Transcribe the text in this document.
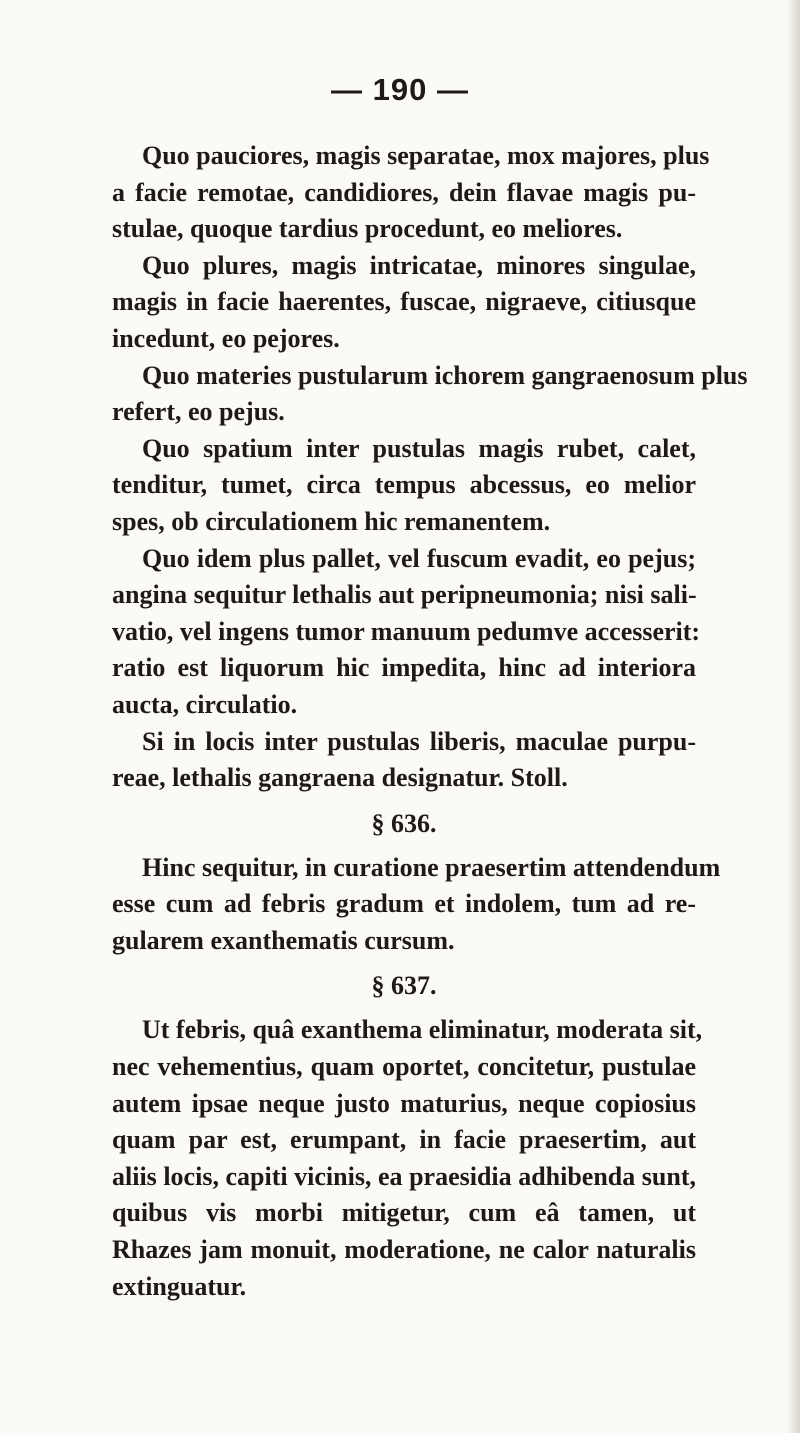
— 190 —
Quo pauciores, magis separatae, mox majores, plus
a facie remotae, candidiores, dein flavae magis pu-
stulae, quoque tardius procedunt, eo meliores.
Quo plures, magis intricatae, minores singulae,
magis in facie haerentes, fuscae, nigraeve, citiusque
incedunt, eo pejores.
Quo materies pustularum ichorem gangraenosum plus
refert, eo pejus.
Quo spatium inter pustulas magis rubet, calet,
tenditur, tumet, circa tempus abcessus, eo melior
spes, ob circulationem hic remanentem.
Quo idem plus pallet, vel fuscum evadit, eo pejus;
angina sequitur lethalis aut peripneumonia; nisi sali-
vatio, vel ingens tumor manuum pedumve accesserit:
ratio est liquorum hic impedita, hinc ad interiora
aucta, circulatio.
Si in locis inter pustulas liberis, maculae purpu-
reae, lethalis gangraena designatur. Stoll.
§ 636.
Hinc sequitur, in curatione praesertim attendendum
esse cum ad febris gradum et indolem, tum ad re-
gularem exanthematis cursum.
§ 637.
Ut febris, quâ exanthema eliminatur, moderata sit,
nec vehementius, quam oportet, concitetur, pustulae
autem ipsae neque justo maturius, neque copiosius
quam par est, erumpant, in facie praesertim, aut
aliis locis, capiti vicinis, ea praesidia adhibenda sunt,
quibus vis morbi mitigetur, cum eâ tamen, ut
Rhazes jam monuit, moderatione, ne calor naturalis
extinguatur.
